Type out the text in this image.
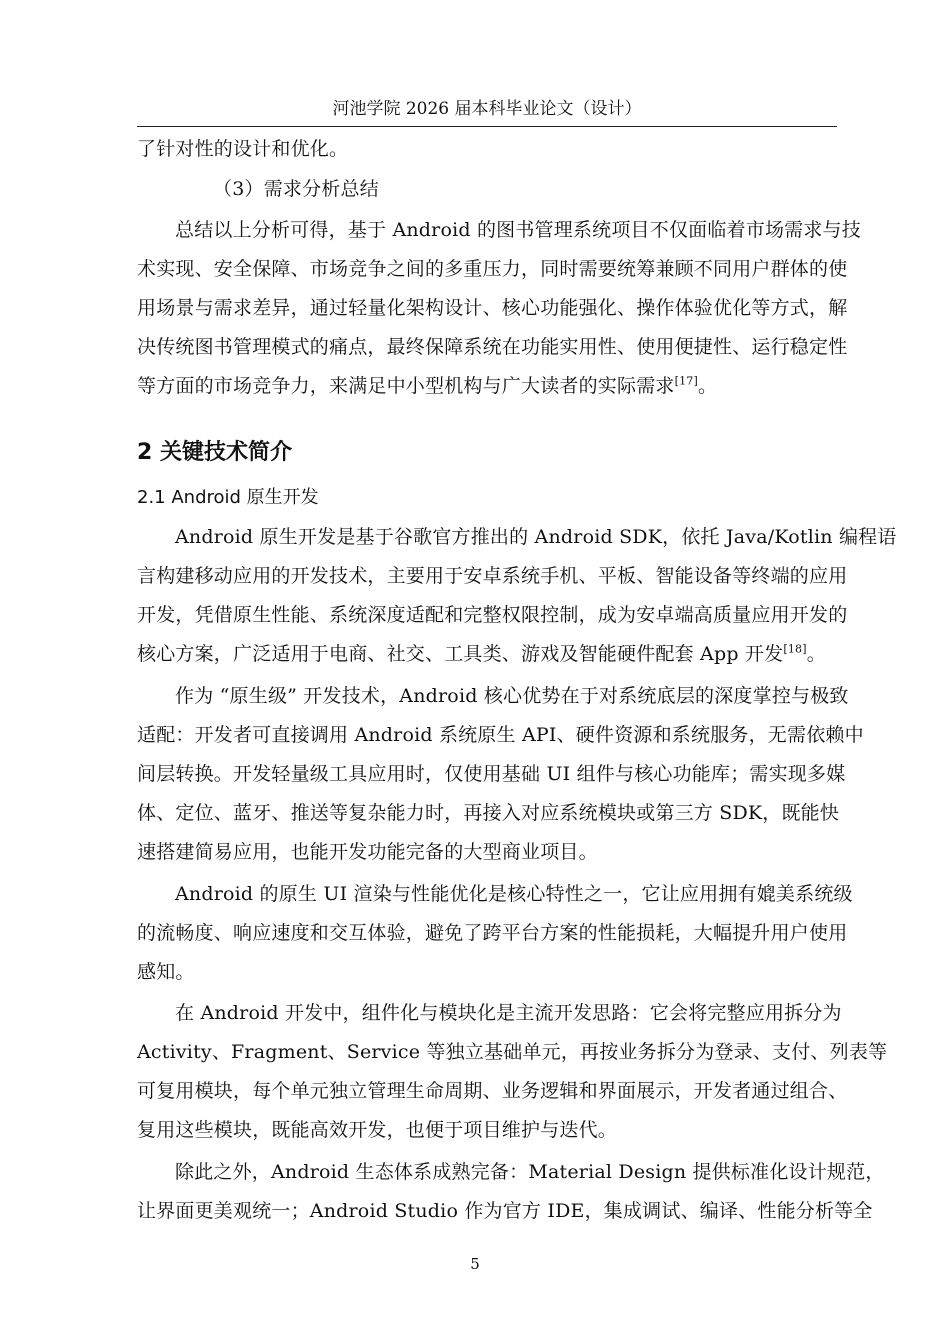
河池学院 2026 届本科毕业论文（设计）
了针对性的设计和优化。
（3）需求分析总结
总结以上分析可得，基于 Android 的图书管理系统项目不仅面临着市场需求与技
术实现、安全保障、市场竞争之间的多重压力，同时需要统筹兼顾不同用户群体的使
用场景与需求差异，通过轻量化架构设计、核心功能强化、操作体验优化等方式，解
决传统图书管理模式的痛点，最终保障系统在功能实用性、使用便捷性、运行稳定性
等方面的市场竞争力，来满足中小型机构与广大读者的实际需求[17]。
2 关键技术简介
2.1 Android 原生开发
Android 原生开发是基于谷歌官方推出的 Android SDK，依托 Java/Kotlin 编程语
言构建移动应用的开发技术，主要用于安卓系统手机、平板、智能设备等终端的应用
开发，凭借原生性能、系统深度适配和完整权限控制，成为安卓端高质量应用开发的
核心方案，广泛适用于电商、社交、工具类、游戏及智能硬件配套 App 开发[18]。
作为 “原生级” 开发技术，Android 核心优势在于对系统底层的深度掌控与极致
适配：开发者可直接调用 Android 系统原生 API、硬件资源和系统服务，无需依赖中
间层转换。开发轻量级工具应用时，仅使用基础 UI 组件与核心功能库；需实现多媒
体、定位、蓝牙、推送等复杂能力时，再接入对应系统模块或第三方 SDK，既能快
速搭建简易应用，也能开发功能完备的大型商业项目。
Android 的原生 UI 渲染与性能优化是核心特性之一，它让应用拥有媲美系统级
的流畅度、响应速度和交互体验，避免了跨平台方案的性能损耗，大幅提升用户使用
感知。
在 Android 开发中，组件化与模块化是主流开发思路：它会将完整应用拆分为
Activity、Fragment、Service 等独立基础单元，再按业务拆分为登录、支付、列表等
可复用模块，每个单元独立管理生命周期、业务逻辑和界面展示，开发者通过组合、
复用这些模块，既能高效开发，也便于项目维护与迭代。
除此之外，Android 生态体系成熟完备：Material Design 提供标准化设计规范，
让界面更美观统一；Android Studio 作为官方 IDE，集成调试、编译、性能分析等全
5
